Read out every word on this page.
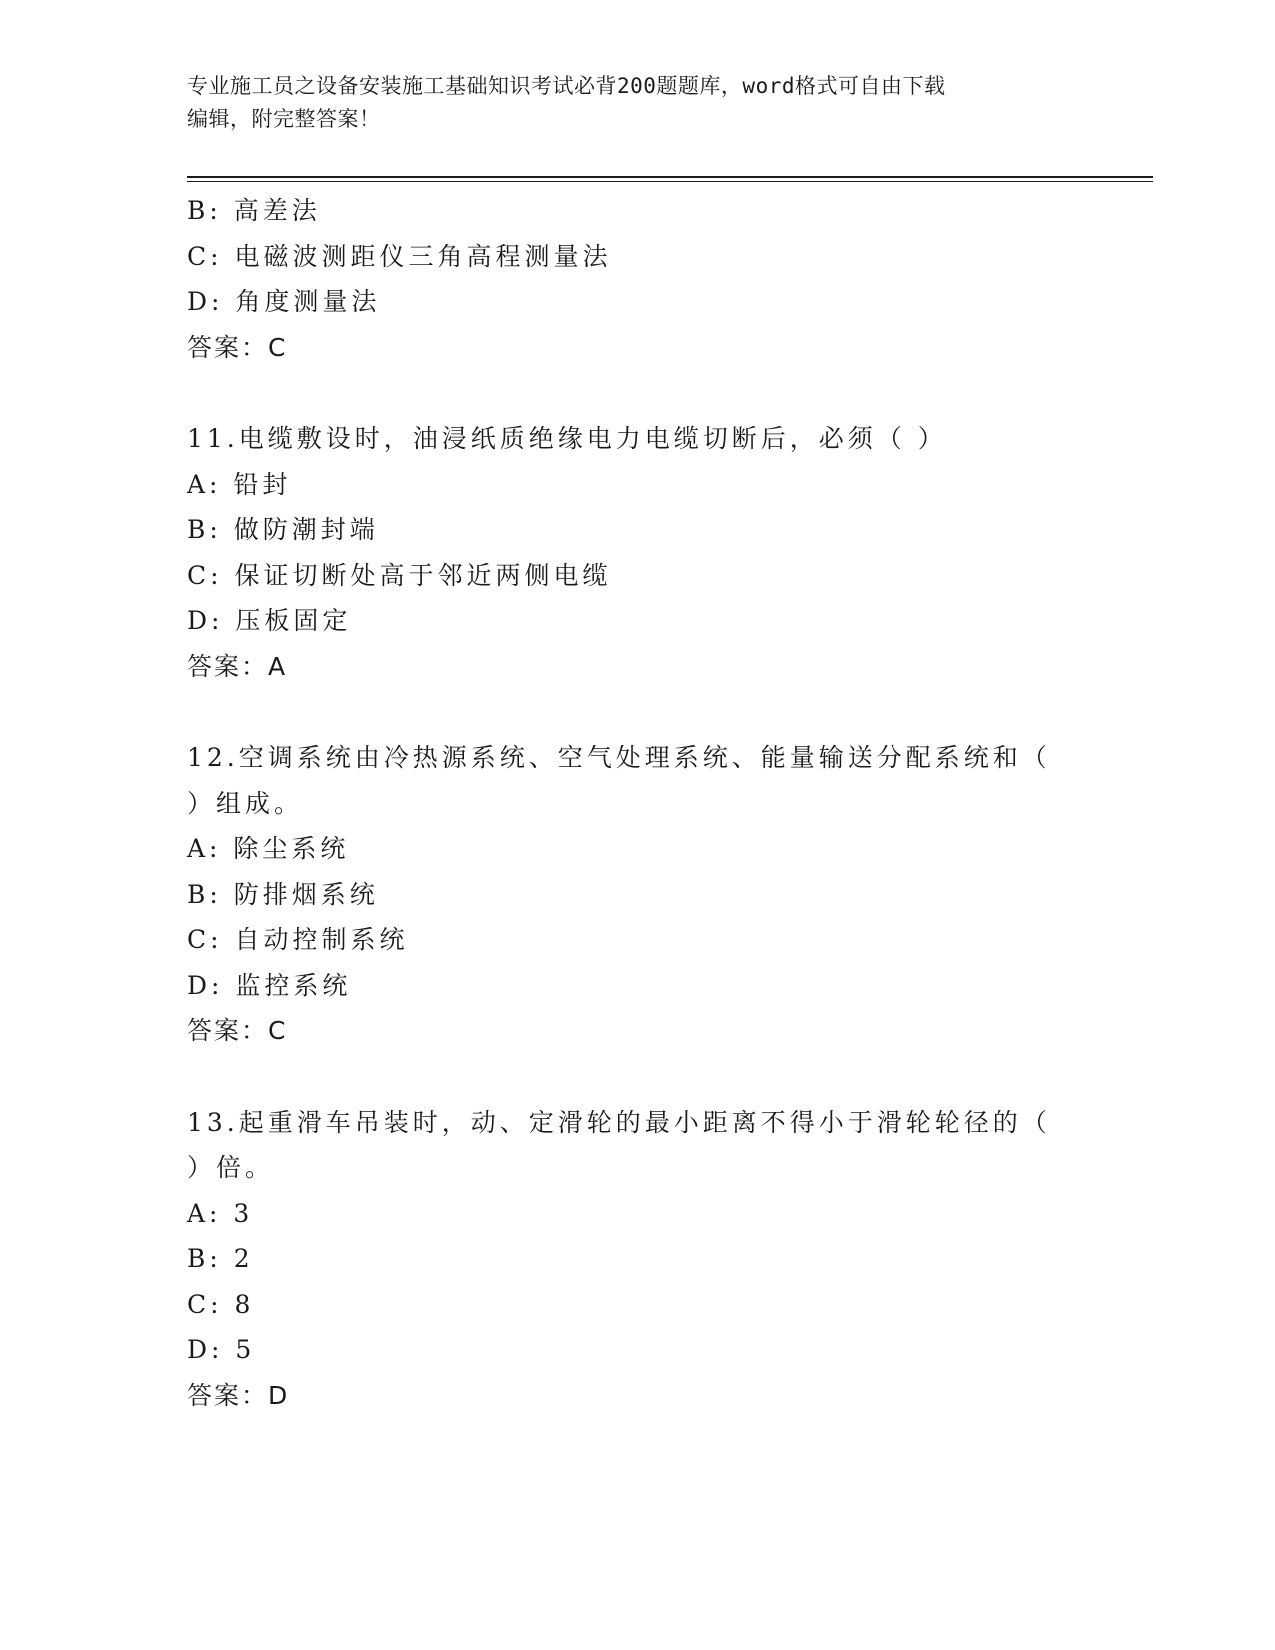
专业施工员之设备安装施工基础知识考试必背200题题库，word格式可自由下载
编辑，附完整答案！
B: 高差法
C: 电磁波测距仪三角高程测量法
D: 角度测量法
答案：C
11.电缆敷设时，油浸纸质绝缘电力电缆切断后，必须（ ）
A: 铅封
B: 做防潮封端
C: 保证切断处高于邻近两侧电缆
D: 压板固定
答案：A
12.空调系统由冷热源系统、空气处理系统、能量输送分配系统和（
）组成。
A: 除尘系统
B: 防排烟系统
C: 自动控制系统
D: 监控系统
答案：C
13.起重滑车吊装时，动、定滑轮的最小距离不得小于滑轮轮径的（
）倍。
A: 3
B: 2
C: 8
D: 5
答案：D
